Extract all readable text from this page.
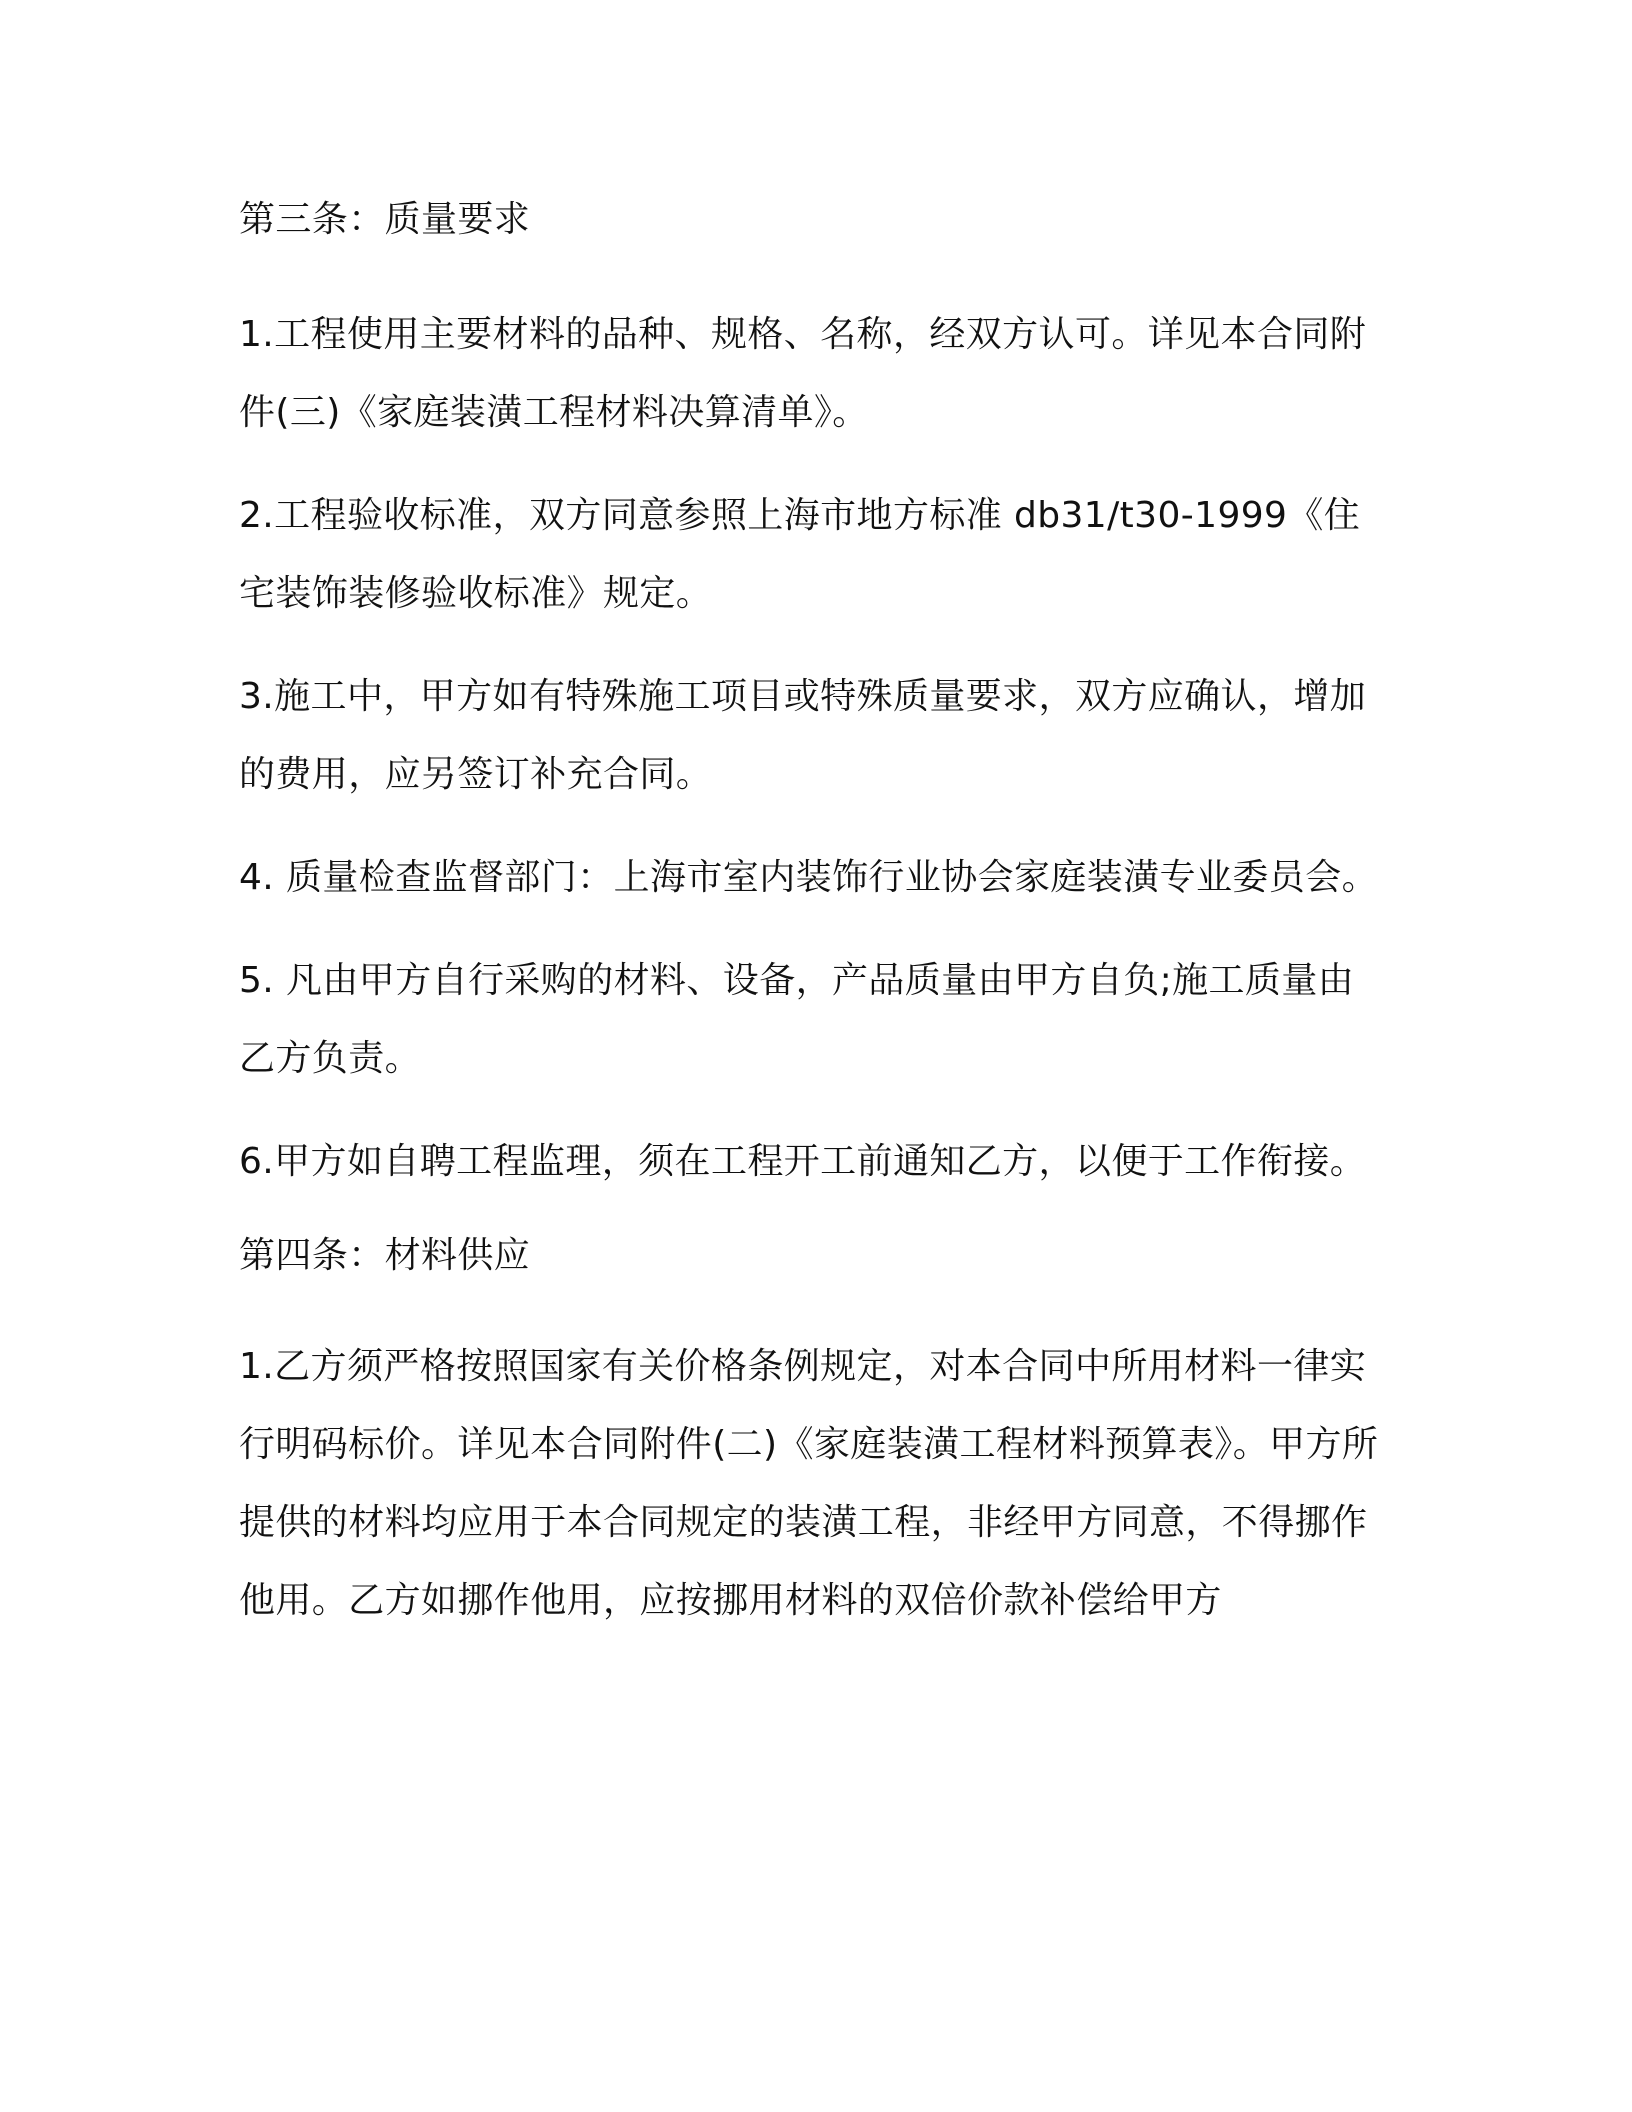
第三条：质量要求

1.工程使用主要材料的品种、规格、名称，经双方认可。详见本合同附件(三)《家庭装潢工程材料决算清单》。

2.工程验收标准，双方同意参照上海市地方标准 db31/t30-1999《住宅装饰装修验收标准》规定。

3.施工中，甲方如有特殊施工项目或特殊质量要求，双方应确认，增加的费用，应另签订补充合同。

4. 质量检查监督部门：上海市室内装饰行业协会家庭装潢专业委员会。

5. 凡由甲方自行采购的材料、设备，产品质量由甲方自负;施工质量由乙方负责。

6.甲方如自聘工程监理，须在工程开工前通知乙方，以便于工作衔接。

第四条：材料供应

1.乙方须严格按照国家有关价格条例规定，对本合同中所用材料一律实行明码标价。详见本合同附件(二)《家庭装潢工程材料预算表》。甲方所提供的材料均应用于本合同规定的装潢工程，非经甲方同意，不得挪作他用。乙方如挪作他用，应按挪用材料的双倍价款补偿给甲方
